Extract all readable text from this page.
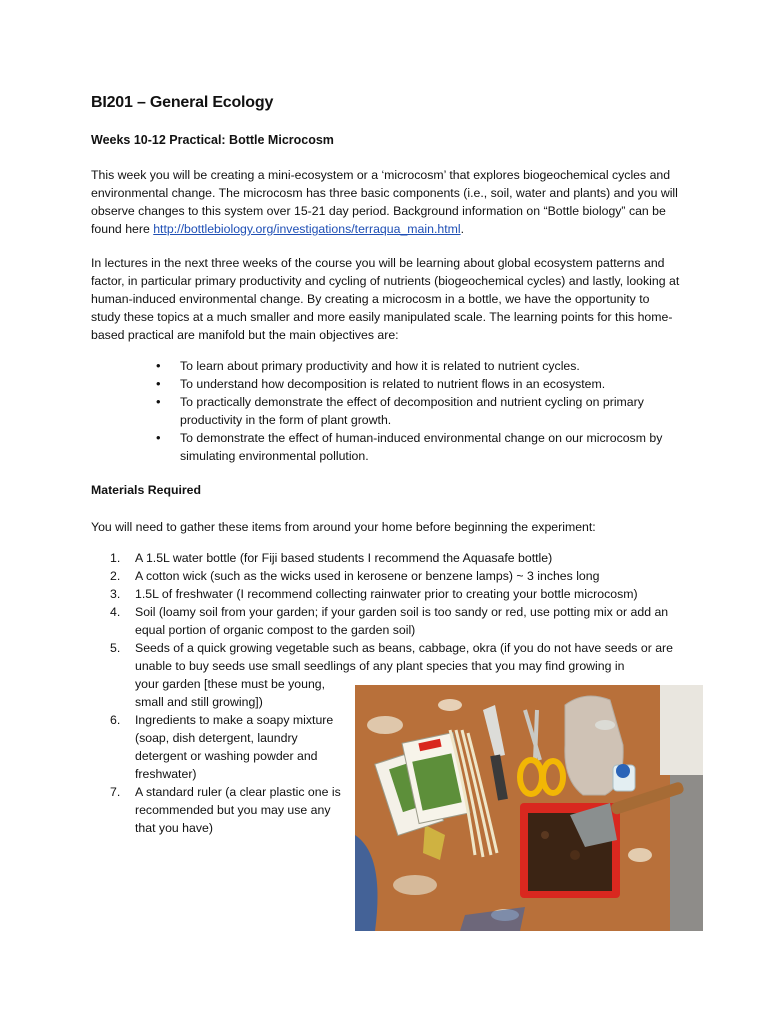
BI201 – General Ecology
Weeks 10-12 Practical: Bottle Microcosm
This week you will be creating a mini-ecosystem or a ‘microcosm’ that explores biogeochemical cycles and environmental change. The microcosm has three basic components (i.e., soil, water and plants) and you will observe changes to this system over 15-21 day period. Background information on “Bottle biology” can be found here http://bottlebiology.org/investigations/terraqua_main.html.
In lectures in the next three weeks of the course you will be learning about global ecosystem patterns and factor, in particular primary productivity and cycling of nutrients (biogeochemical cycles) and lastly, looking at human-induced environmental change. By creating a microcosm in a bottle, we have the opportunity to study these topics at a much smaller and more easily manipulated scale. The learning points for this home-based practical are manifold but the main objectives are:
• To learn about primary productivity and how it is related to nutrient cycles.
• To understand how decomposition is related to nutrient flows in an ecosystem.
• To practically demonstrate the effect of decomposition and nutrient cycling on primary productivity in the form of plant growth.
• To demonstrate the effect of human-induced environmental change on our microcosm by simulating environmental pollution.
Materials Required
You will need to gather these items from around your home before beginning the experiment:
1. A 1.5L water bottle (for Fiji based students I recommend the Aquasafe bottle)
2. A cotton wick (such as the wicks used in kerosene or benzene lamps) ~ 3 inches long
3. 1.5L of freshwater (I recommend collecting rainwater prior to creating your bottle microcosm)
4. Soil (loamy soil from your garden; if your garden soil is too sandy or red, use potting mix or add an equal portion of organic compost to the garden soil)
5. Seeds of a quick growing vegetable such as beans, cabbage, okra (if you do not have seeds or are unable to buy seeds use small seedlings of any plant species that you may find growing in
your garden [these must be young, small and still growing])
6. Ingredients to make a soapy mixture (soap, dish detergent, laundry detergent or washing powder and freshwater)
7. A standard ruler (a clear plastic one is recommended but you may use any that you have)
